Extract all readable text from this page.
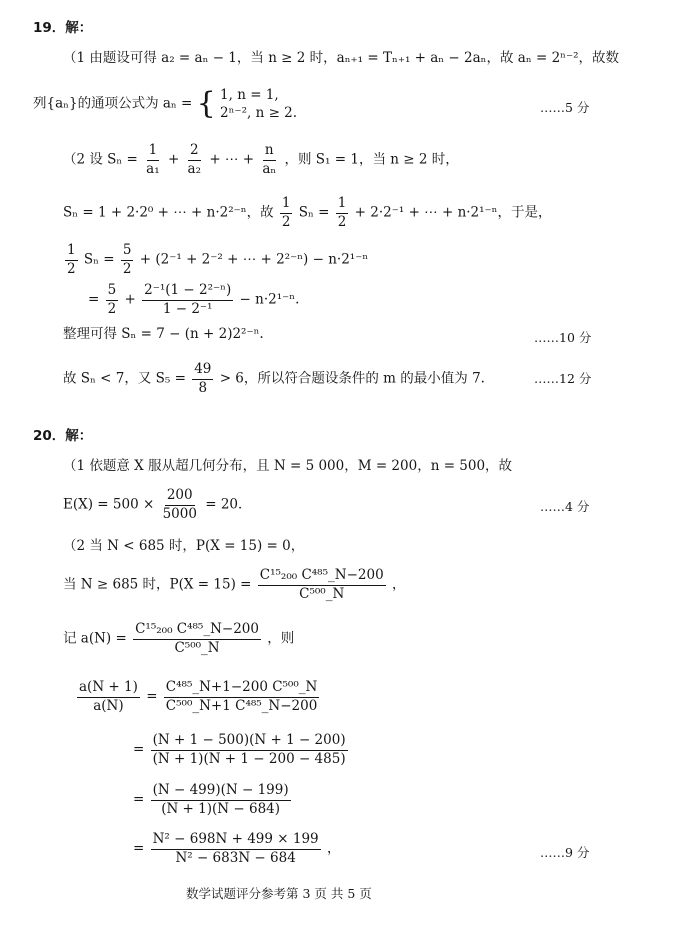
19．解：
（1 由题设可得 a₂ = aₙ − 1，当 n ≥ 2 时，aₙ₊₁ = Tₙ₊₁ + aₙ − 2aₙ，故 aₙ = 2ⁿ⁻²，故数
列{aₙ}的通项公式为 aₙ = { 1, n = 1,
2ⁿ⁻², n ≥ 2.	……5 分
（2 设 $S_n = \frac{1}{\text{a₁}} + \frac{2}{\text{a₂}}$ + ⋯ + $\frac{n}{\text{aₙ}}$ ，则 S₁ = 1，当 n ≥ 2 时，
Sₙ = 1 + 2·2⁰ + ⋯ + n·2²⁻ⁿ，故 $\frac{1}{2}$ $S_n = \frac{1}{2} + 2\cdot 2^{-1}$ + ⋯ + n·2¹⁻ⁿ，于是，
$\frac{1}{2}$ $S_n = \frac{5}{2} + (2^{-1} + 2^{-2}$ + ⋯ + 2²⁻ⁿ) − n·2¹⁻ⁿ
= $\frac{5}{2} + \frac{\text{2⁻¹(1 − 2²⁻ⁿ)}}{\text{1 − 2⁻¹}} - n\cdot 2^{1-n}$.
整理可得 Sₙ = 7 − (n + 2)2²⁻ⁿ.	……10 分
故 Sₙ < 7，又 $S_5 = \frac{49}{8} > 6$，所以符合题设条件的 m 的最小值为 7.	……12 分
20．解：
（1 依题意 X 服从超几何分布，且 N = 5 000，M = 200，n = 500，故
$E(X) = 500 \times \frac{200}{5000} = 20$．	……4 分
（2 当 N < 685 时，P(X = 15) = 0，
当 N ≥ 685 时，$P(X = 15) = \frac{\text{C¹⁵₂₀₀ C⁴⁸⁵\_N−200}}{\text{C⁵⁰⁰\_N}}$ ，
记 $a(N) = \frac{\text{C¹⁵₂₀₀ C⁴⁸⁵\_N−200}}{\text{C⁵⁰⁰\_N}}$ ，则
$\frac{a(N + 1)}{a(N)} = \frac{\text{C⁴⁸⁵\_N+1−200 C⁵⁰⁰\_N}}{\text{C⁵⁰⁰\_N+1 C⁴⁸⁵\_N−200}}$
= $\frac{(N + 1 - 500)(N + 1 - 200)}{(N + 1)(N + 1 - 200 - 485)}$
= $\frac{(N - 499)(N - 199)}{(N + 1)(N - 684)}$
= $\frac{\text{N² − 698N + 499 × 199}}{\text{N² − 683N − 684}}$ ，	……9 分
数学试题评分参考第 3 页 共 5 页
